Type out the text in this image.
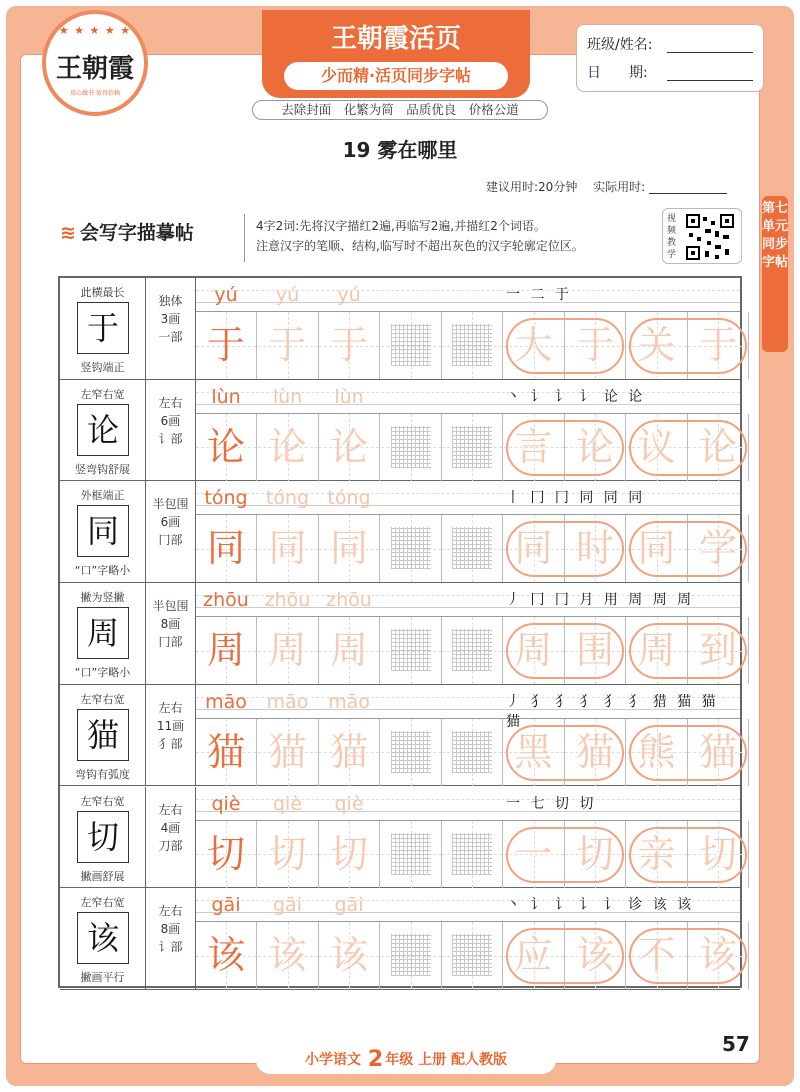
★ ★ ★ ★ ★
王朝霞
用心做书 值得信赖
王朝霞活页
少而精·活页同步字帖
班级/姓名:
日　　期:
去除封面　化繁为简　品质优良　价格公道
19 雾在哪里
建议用时:20分钟　 实际用时:
≋ 会写字描摹帖	4字2词:先将汉字描红2遍,再临写2遍,并描红2个词语。
注意汉字的笔顺、结构,临写时不超出灰色的汉字轮廓定位区。
视频教学
第七单元同步字帖
此横最长
于
竖钩端正
独体
3画
一部
yú	yú	yú	一 二 于
于 于 于	大 于 关 于
左窄右宽
论
竖弯钩舒展
左右
6画
讠部
lùn	lùn	lùn	丶 讠 讠 讠 论 论
论 论 论	言 论 议 论
外框端正
同
“口”字略小
半包围
6画
冂部
tóng tóng tóng	丨 冂 冂 同 同 同
同 同 同	同 时 同 学
撇为竖撇
周
“口”字略小
半包围
8画
冂部
zhōu zhōu zhōu	丿 冂 冂 月 用 周 周 周
周 周 周	周 围 周 到
左窄右宽
猫
弯钩有弧度
左右
11画
犭部
māo	māo	māo	丿 犭 犭 犭 犭 犭 猎 猫 猫 猫
猫 猫 猫	黑 猫 熊 猫
左窄右宽
切
撇画舒展
左右
4画
刀部
qiè	qiè	qiè	一 七 切 切
切 切 切	一 切 亲 切
左窄右宽
该
撇画平行
左右
8画
讠部
gāi	gāi	gāi	丶 讠 讠 讠 讠 诊 该 该
该 该 该	应 该 不 该
小学语文 2 年级 上册 配人教版
57
